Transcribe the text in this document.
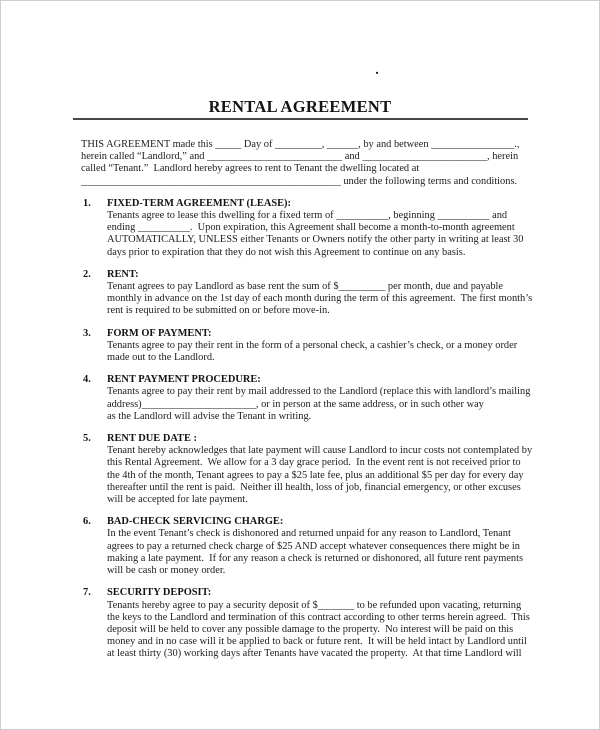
.
RENTAL AGREEMENT
THIS AGREEMENT made this _____ Day of _________, ______, by and between ________________.,
herein called “Landlord,” and __________________________ and ________________________, herein
called “Tenant.”  Landlord hereby agrees to rent to Tenant the dwelling located at
__________________________________________________ under the following terms and conditions.
1.	FIXED-TERM AGREEMENT (LEASE):
Tenants agree to lease this dwelling for a fixed term of __________, beginning __________ and
ending __________.  Upon expiration, this Agreement shall become a month-to-month agreement
AUTOMATICALLY, UNLESS either Tenants or Owners notify the other party in writing at least 30
days prior to expiration that they do not wish this Agreement to continue on any basis.
2.	RENT:
Tenant agrees to pay Landlord as base rent the sum of $_________ per month, due and payable
monthly in advance on the 1st day of each month during the term of this agreement.  The first month’s
rent is required to be submitted on or before move-in.
3.	FORM OF PAYMENT:
Tenants agree to pay their rent in the form of a personal check, a cashier’s check, or a money order
made out to the Landlord.
4.	RENT PAYMENT PROCEDURE:
Tenants agree to pay their rent by mail addressed to the Landlord (replace this with landlord’s mailing
address)______________________, or in person at the same address, or in such other way
as the Landlord will advise the Tenant in writing.
5.	RENT DUE DATE :
Tenant hereby acknowledges that late payment will cause Landlord to incur costs not contemplated by
this Rental Agreement.  We allow for a 3 day grace period.  In the event rent is not received prior to
the 4th of the month, Tenant agrees to pay a $25 late fee, plus an additional $5 per day for every day
thereafter until the rent is paid.  Neither ill health, loss of job, financial emergency, or other excuses
will be accepted for late payment.
6.	BAD-CHECK SERVICING CHARGE:
In the event Tenant’s check is dishonored and returned unpaid for any reason to Landlord, Tenant
agrees to pay a returned check charge of $25 AND accept whatever consequences there might be in
making a late payment.  If for any reason a check is returned or dishonored, all future rent payments
will be cash or money order.
7.	SECURITY DEPOSIT:
Tenants hereby agree to pay a security deposit of $_______ to be refunded upon vacating, returning
the keys to the Landlord and termination of this contract according to other terms herein agreed.  This
deposit will be held to cover any possible damage to the property.  No interest will be paid on this
money and in no case will it be applied to back or future rent.  It will be held intact by Landlord until
at least thirty (30) working days after Tenants have vacated the property.  At that time Landlord will
